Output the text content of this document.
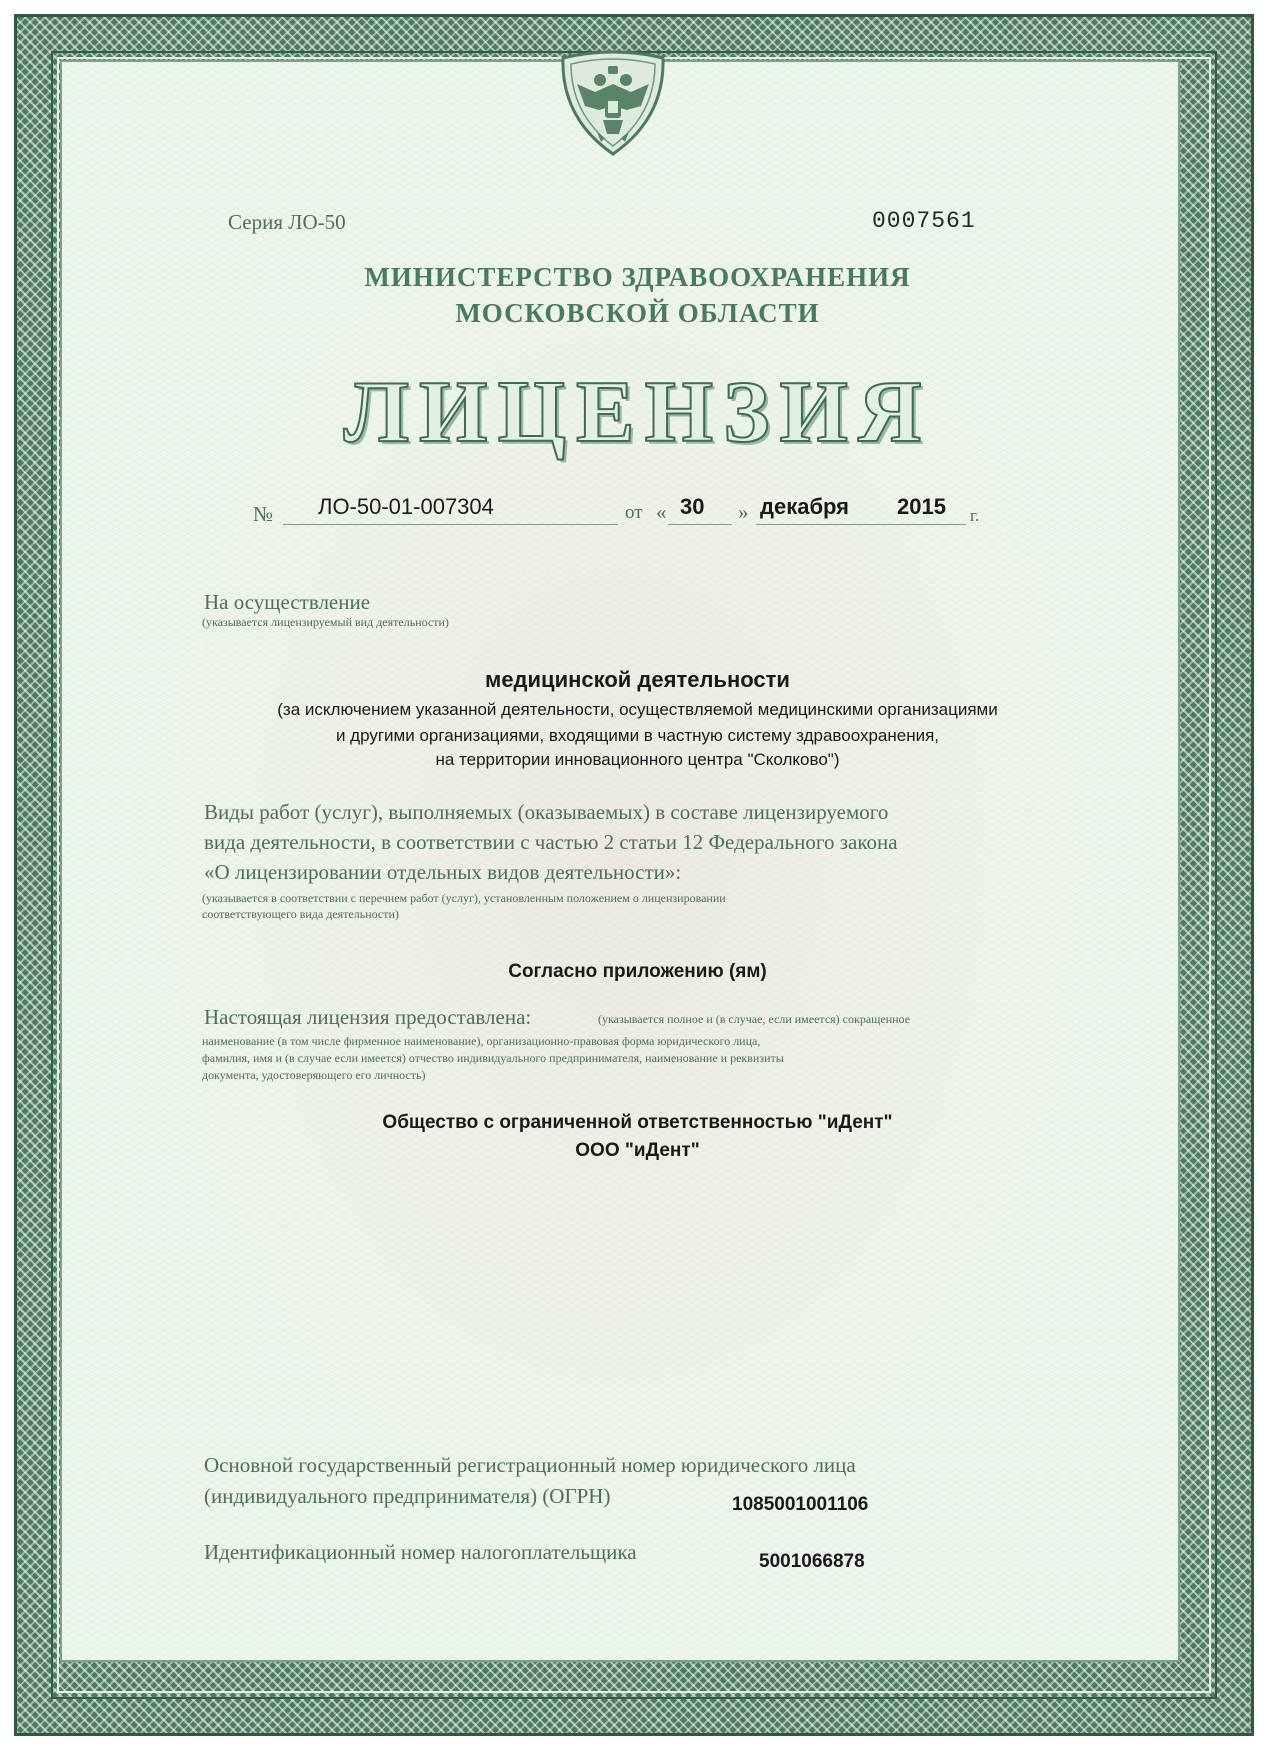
Серия ЛО-50	0007561

МИНИСТЕРСТВО ЗДРАВООХРАНЕНИЯ

МОСКОВСКОЙ ОБЛАСТИ

ЛИЦЕНЗИЯ

№ ЛО-50-01-007304	от « 30 » декабря 2015 г.

На осуществление

(указывается лицензируемый вид деятельности)

медицинской деятельности

(за исключением указанной деятельности, осуществляемой медицинскими организациями

и другими организациями, входящими в частную систему здравоохранения,

на территории инновационного центра "Сколково")

Виды работ (услуг), выполняемых (оказываемых) в составе лицензируемого

вида деятельности, в соответствии с частью 2 статьи 12 Федерального закона

«О лицензировании отдельных видов деятельности»:

(указывается в соответствии с перечнем работ (услуг), установленным положением о лицензировании

соответствующего вида деятельности)

Согласно приложению (ям)

Настоящая лицензия предоставлена:	(указывается полное и (в случае, если имеется) сокращенное

наименование (в том числе фирменное наименование), организационно-правовая форма юридического лица,

фамилия, имя и (в случае если имеется) отчество индивидуального предпринимателя, наименование и реквизиты

документа, удостоверяющего его личность)

Общество с ограниченной ответственностью "иДент"

ООО "иДент"

Основной государственный регистрационный номер юридического лица

(индивидуального предпринимателя) (ОГРН)	1085001001106

Идентификационный номер налогоплательщика	5001066878
